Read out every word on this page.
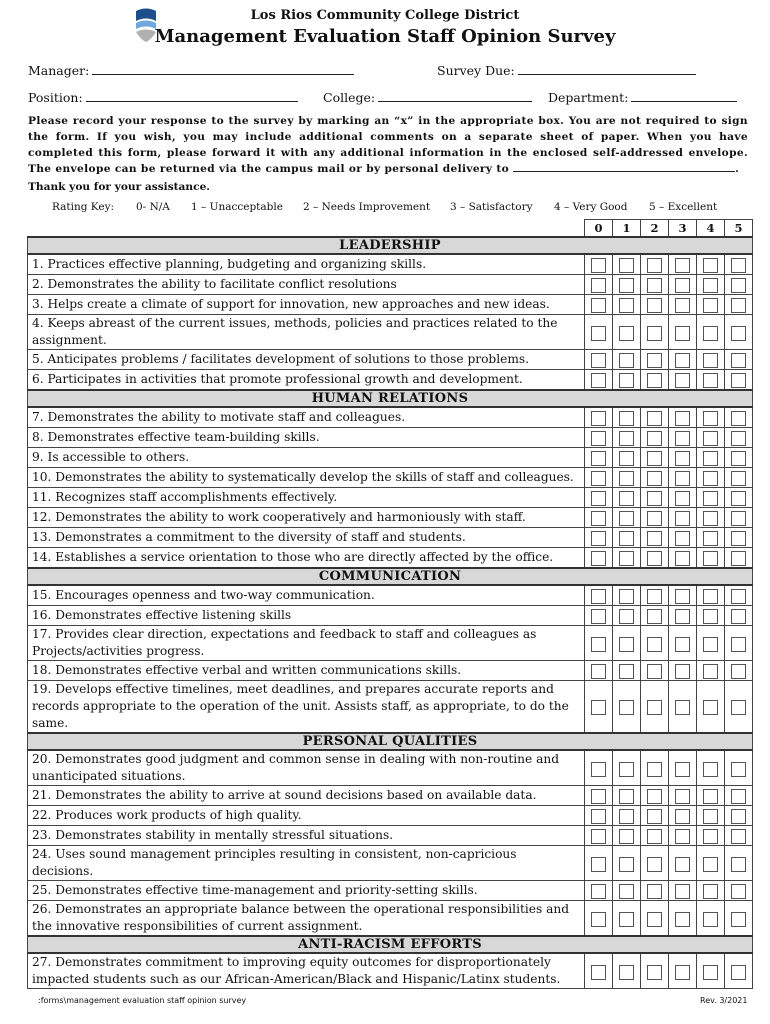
Los Rios Community College District
Management Evaluation Staff Opinion Survey
Manager:	Survey Due:
Position:	College:	Department:
Please record your response to the survey by marking an “x” in the appropriate box. You are not required to sign the form. If you wish, you may include additional comments on a separate sheet of paper. When you have completed this form, please forward it with any additional information in the enclosed self-addressed envelope. The envelope can be returned via the campus mail or by personal delivery to	.
Thank you for your assistance.
Rating Key: 0- N/A 1 – Unacceptable 2 – Needs Improvement 3 – Satisfactory 4 – Very Good 5 – Excellent
	0	1	2	3	4	5
LEADERSHIP						
1. Practices effective planning, budgeting and organizing skills.						
2. Demonstrates the ability to facilitate conflict resolutions						
3. Helps create a climate of support for innovation, new approaches and new ideas.						
4. Keeps abreast of the current issues, methods, policies and practices related to the assignment.						
5. Anticipates problems / facilitates development of solutions to those problems.						
6. Participates in activities that promote professional growth and development.						
HUMAN RELATIONS						
7. Demonstrates the ability to motivate staff and colleagues.						
8. Demonstrates effective team-building skills.						
9. Is accessible to others.						
10. Demonstrates the ability to systematically develop the skills of staff and colleagues.						
11. Recognizes staff accomplishments effectively.						
12. Demonstrates the ability to work cooperatively and harmoniously with staff.						
13. Demonstrates a commitment to the diversity of staff and students.						
14. Establishes a service orientation to those who are directly affected by the office.						
COMMUNICATION						
15. Encourages openness and two-way communication.						
16. Demonstrates effective listening skills						
17. Provides clear direction, expectations and feedback to staff and colleagues as Projects/activities progress.						
18. Demonstrates effective verbal and written communications skills.						
19. Develops effective timelines, meet deadlines, and prepares accurate reports and records appropriate to the operation of the unit. Assists staff, as appropriate, to do the same.						
PERSONAL QUALITIES						
20. Demonstrates good judgment and common sense in dealing with non-routine and unanticipated situations.						
21. Demonstrates the ability to arrive at sound decisions based on available data.						
22. Produces work products of high quality.						
23. Demonstrates stability in mentally stressful situations.						
24. Uses sound management principles resulting in consistent, non-capricious decisions.						
25. Demonstrates effective time-management and priority-setting skills.						
26. Demonstrates an appropriate balance between the operational responsibilities and the innovative responsibilities of current assignment.						
ANTI-RACISM EFFORTS						
27. Demonstrates commitment to improving equity outcomes for disproportionately impacted students such as our African-American/Black and Hispanic/Latinx students.						
:forms\management evaluation staff opinion survey	Rev. 3/2021
